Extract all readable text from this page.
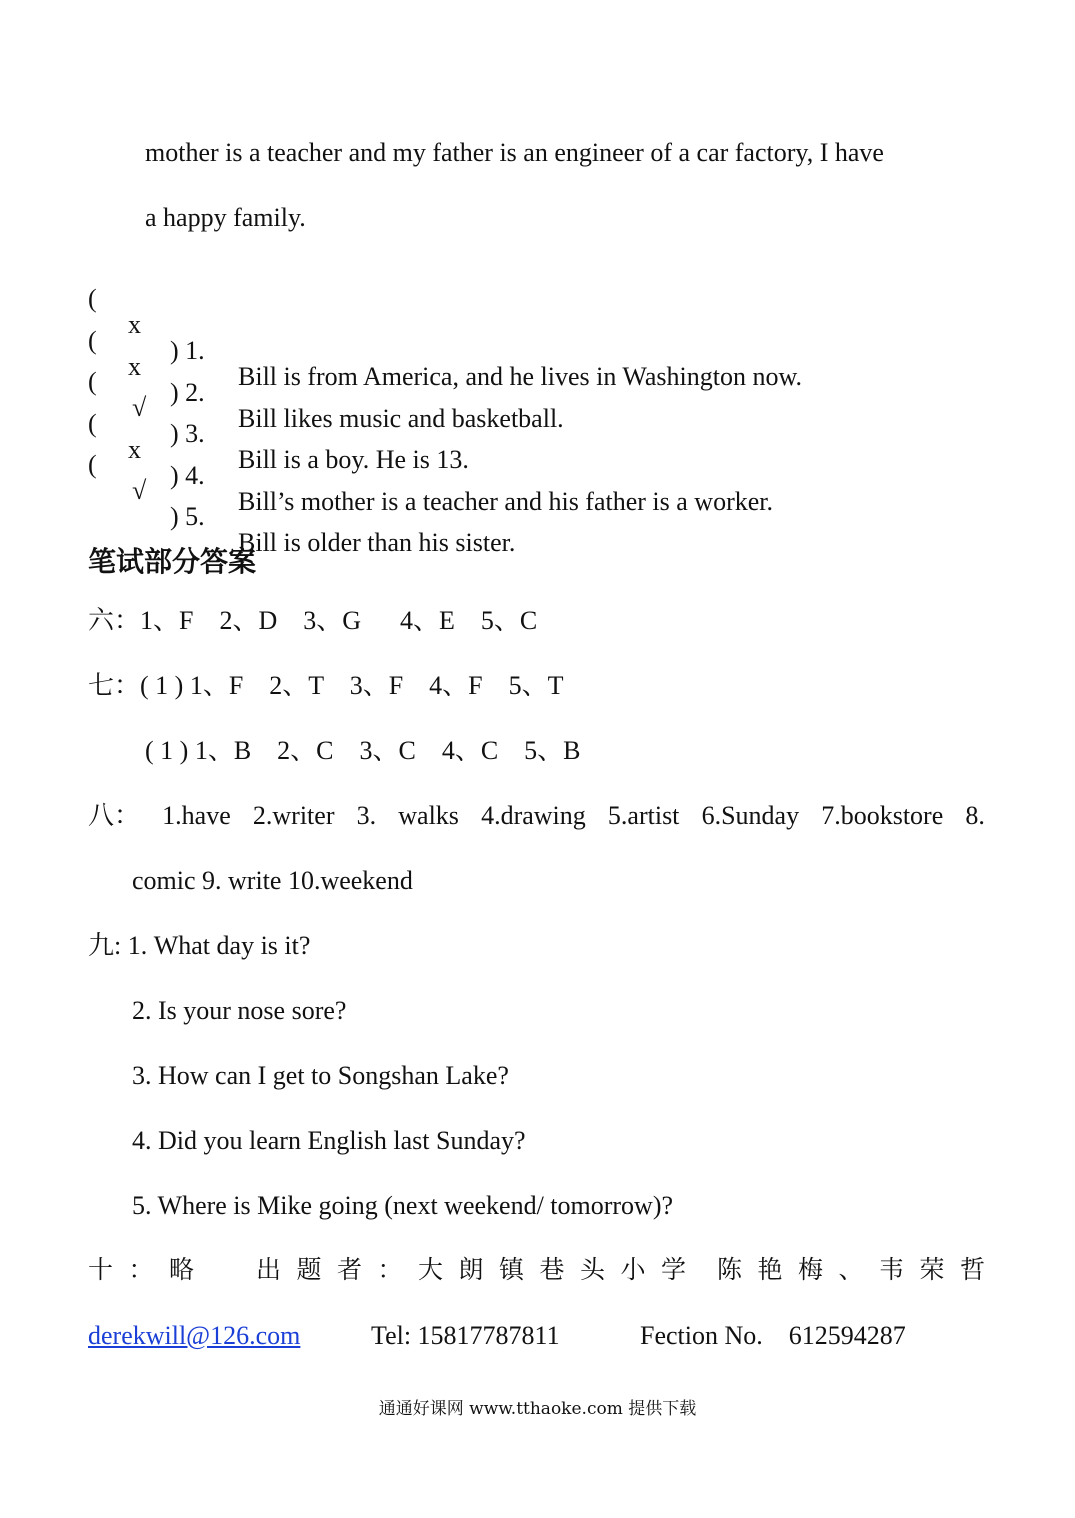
mother is a teacher and my father is an engineer of a car factory, I have
a happy family.

(

x

) 1.

Bill is from America, and he lives in Washington now.

(

x

) 2.

Bill likes music and basketball.

(

√

) 3.

Bill is a boy. He is 13.

(

x

) 4.

Bill’s mother is a teacher and his father is a worker.

(

√

) 5.

Bill is older than his sister.

笔试部分答案
六：1、F    2、D    3、G      4、E    5、C
七：( 1 ) 1、F    2、T    3、F    4、F    5、T
( 1 ) 1、B    2、C    3、C    4、C    5、B
八： 1.have 2.writer 3. walks 4.drawing 5.artist 6.Sunday 7.bookstore 8.
comic 9. write 10.weekend
九: 1. What day is it?
2. Is your nose sore?
3. How can I get to Songshan Lake?
4. Did you learn English last Sunday?
5. Where is Mike going (next weekend/ tomorrow)?
十 ： 略 出 题 者 ： 大 朗 镇 巷 头 小 学 陈 艳 梅 、 韦 荣 哲
derekwill@126.com	Tel: 15817787811	Fection No.    612594287
通通好课网 www.tthaoke.com 提供下载
